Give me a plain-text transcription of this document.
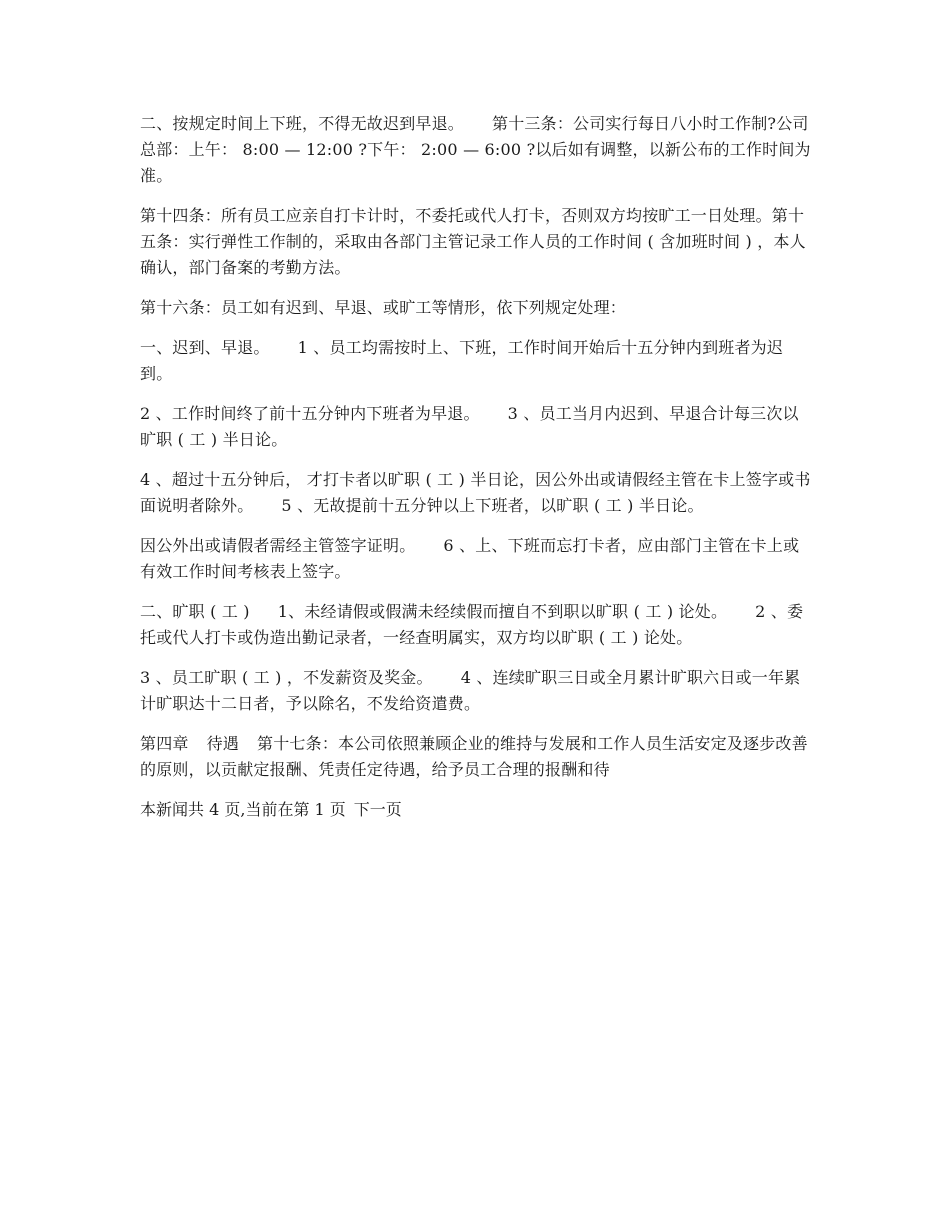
二、按规定时间上下班，不得无故迟到早退。 第十三条：公司实行每日八小时工作制?公司总部：上午： 8:00 — 12:00 ?下午： 2:00 — 6:00 ?以后如有调整，以新公布的工作时间为准。

第十四条：所有员工应亲自打卡计时，不委托或代人打卡，否则双方均按旷工一日处理。第十五条：实行弹性工作制的，采取由各部门主管记录工作人员的工作时间 ( 含加班时间 ) ，本人确认，部门备案的考勤方法。

第十六条：员工如有迟到、早退、或旷工等情形，依下列规定处理：

一、迟到、早退。 1 、员工均需按时上、下班，工作时间开始后十五分钟内到班者为迟到。

2 、工作时间终了前十五分钟内下班者为早退。 3 、员工当月内迟到、早退合计每三次以旷职 ( 工 ) 半日论。

4 、超过十五分钟后， 才打卡者以旷职 ( 工 ) 半日论，因公外出或请假经主管在卡上签字或书面说明者除外。 5 、无故提前十五分钟以上下班者，以旷职 ( 工 ) 半日论。

因公外出或请假者需经主管签字证明。 6 、上、下班而忘打卡者，应由部门主管在卡上或有效工作时间考核表上签字。

二、旷职 ( 工 ) 1、未经请假或假满未经续假而擅自不到职以旷职 ( 工 ) 论处。 2 、委托或代人打卡或伪造出勤记录者，一经查明属实，双方均以旷职 ( 工 ) 论处。

3 、员工旷职 ( 工 ) ，不发薪资及奖金。 4 、连续旷职三日或全月累计旷职六日或一年累计旷职达十二日者，予以除名，不发给资遣费。

第四章 待遇 第十七条：本公司依照兼顾企业的维持与发展和工作人员生活安定及逐步改善的原则，以贡献定报酬、凭责任定待遇，给予员工合理的报酬和待

本新闻共 4 页,当前在第 1 页 下一页
